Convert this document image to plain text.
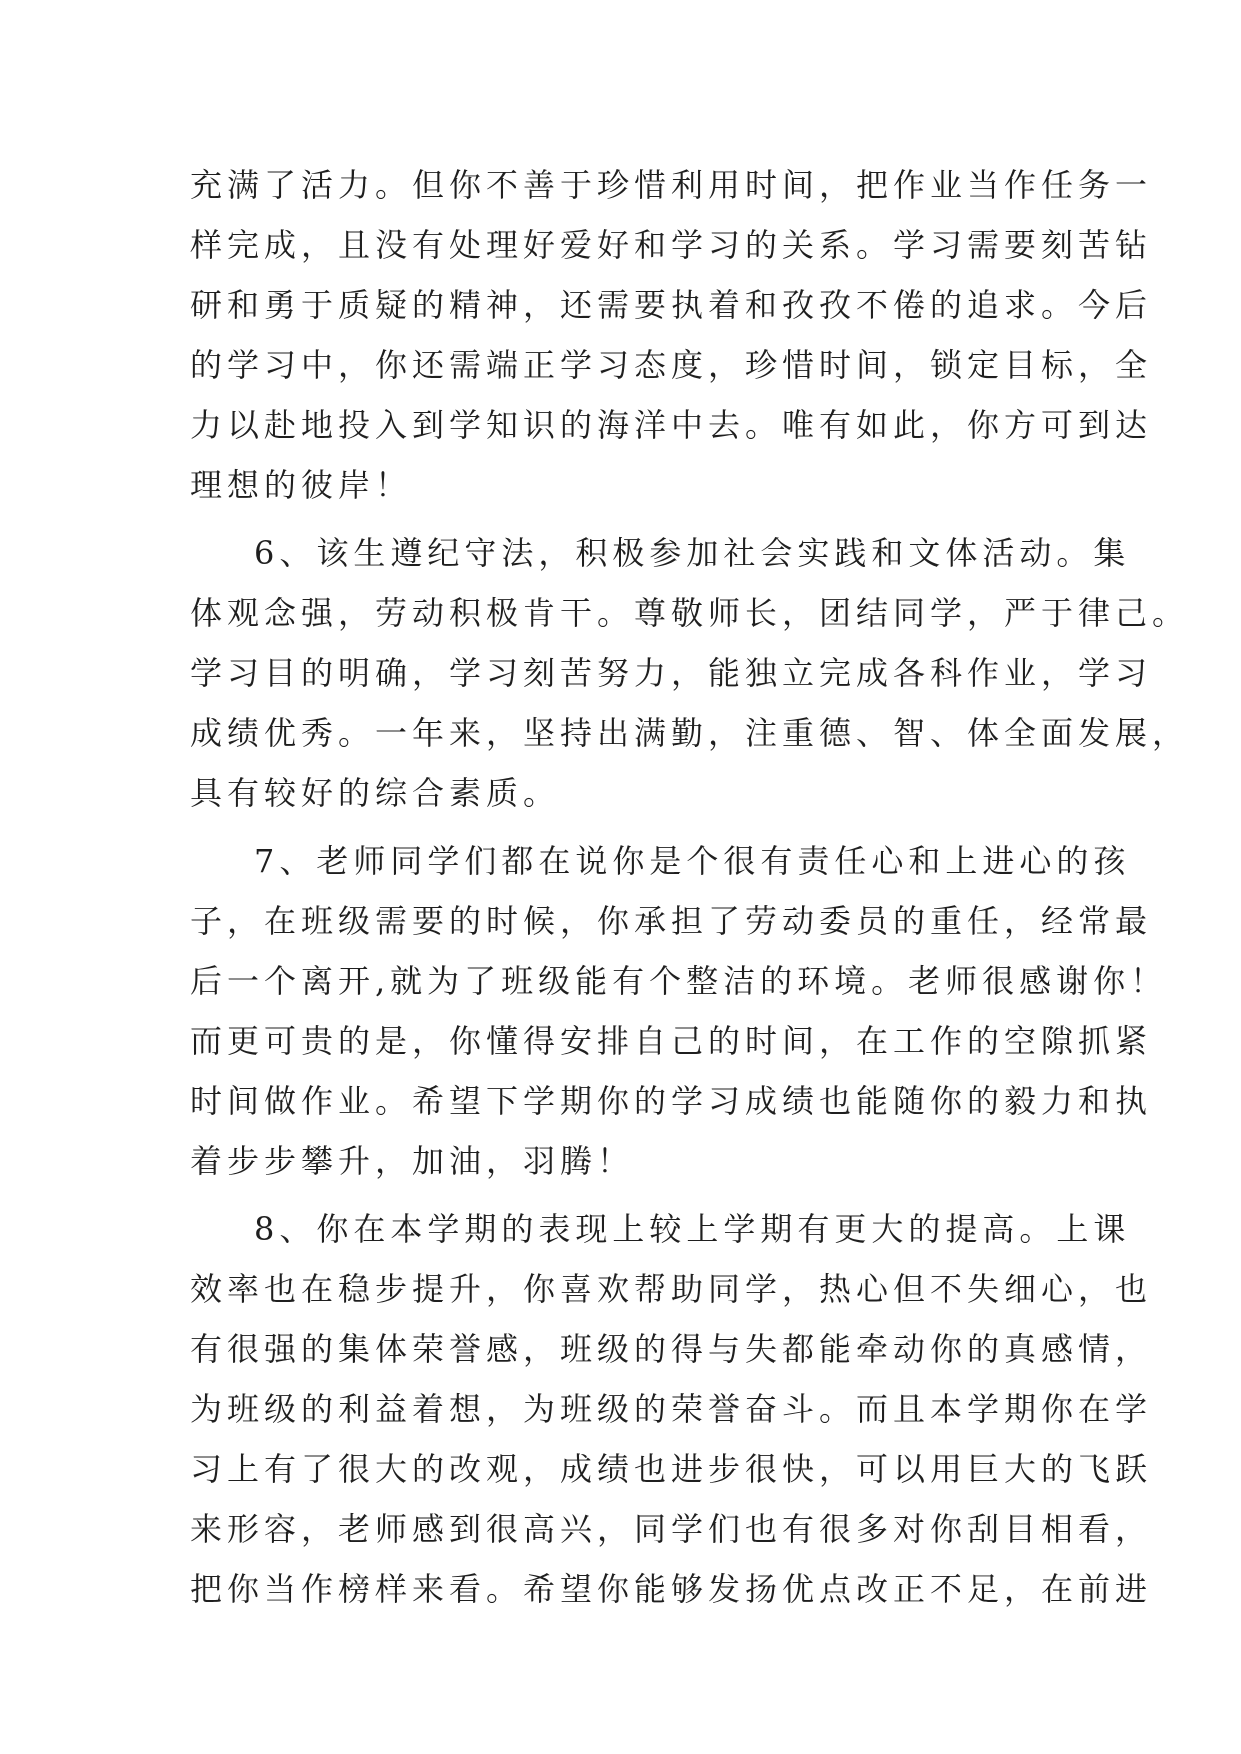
充满了活力。但你不善于珍惜利用时间，把作业当作任务一
样完成，且没有处理好爱好和学习的关系。学习需要刻苦钻
研和勇于质疑的精神，还需要执着和孜孜不倦的追求。今后
的学习中，你还需端正学习态度，珍惜时间，锁定目标，全
力以赴地投入到学知识的海洋中去。唯有如此，你方可到达
理想的彼岸！
6、该生遵纪守法，积极参加社会实践和文体活动。集
体观念强，劳动积极肯干。尊敬师长，团结同学，严于律己。
学习目的明确，学习刻苦努力，能独立完成各科作业，学习
成绩优秀。一年来，坚持出满勤，注重德、智、体全面发展，
具有较好的综合素质。
7、老师同学们都在说你是个很有责任心和上进心的孩
子，在班级需要的时候，你承担了劳动委员的重任，经常最
后一个离开,就为了班级能有个整洁的环境。老师很感谢你！
而更可贵的是，你懂得安排自己的时间，在工作的空隙抓紧
时间做作业。希望下学期你的学习成绩也能随你的毅力和执
着步步攀升，加油，羽腾！
8、你在本学期的表现上较上学期有更大的提高。上课
效率也在稳步提升，你喜欢帮助同学，热心但不失细心，也
有很强的集体荣誉感，班级的得与失都能牵动你的真感情，
为班级的利益着想，为班级的荣誉奋斗。而且本学期你在学
习上有了很大的改观，成绩也进步很快，可以用巨大的飞跃
来形容，老师感到很高兴，同学们也有很多对你刮目相看，
把你当作榜样来看。希望你能够发扬优点改正不足，在前进
